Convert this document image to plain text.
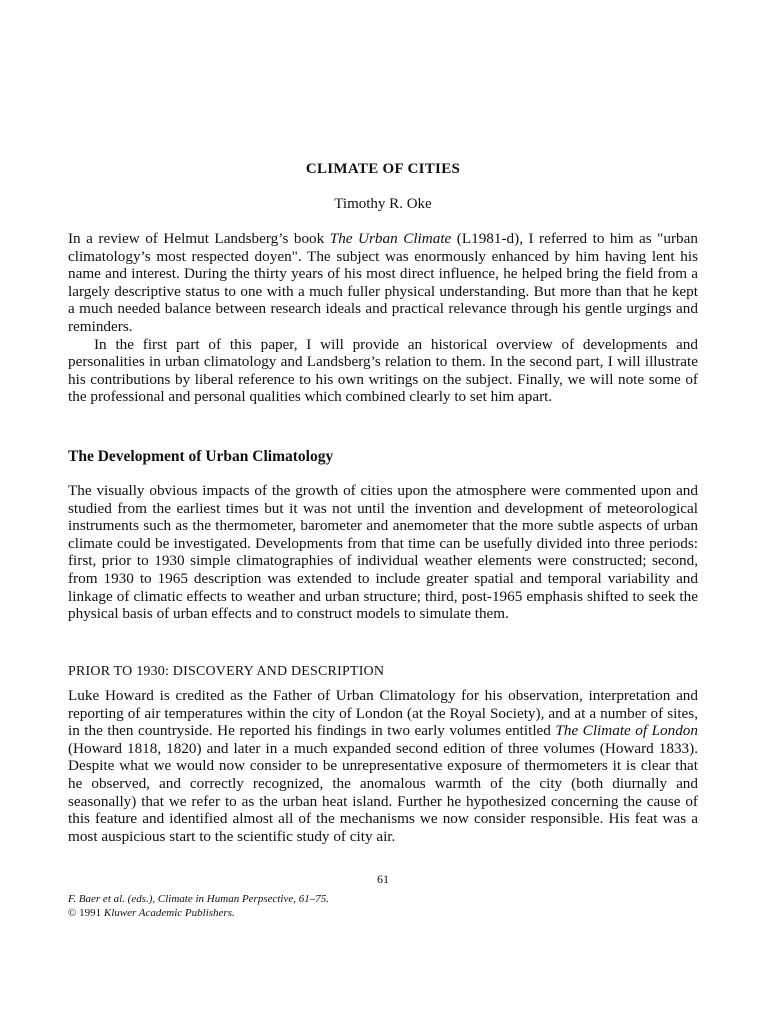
CLIMATE OF CITIES
Timothy R. Oke
In a review of Helmut Landsberg’s book The Urban Climate (L1981-d), I referred to him as "urban climatology’s most respected doyen". The subject was enormously enhanced by him having lent his name and interest. During the thirty years of his most direct influence, he helped bring the field from a largely descriptive status to one with a much fuller physical understanding. But more than that he kept a much needed balance between research ideals and practical relevance through his gentle urgings and reminders.
In the first part of this paper, I will provide an historical overview of developments and personalities in urban climatology and Landsberg’s relation to them. In the second part, I will illustrate his contributions by liberal reference to his own writings on the subject. Finally, we will note some of the professional and personal qualities which combined clearly to set him apart.
The Development of Urban Climatology
The visually obvious impacts of the growth of cities upon the atmosphere were commented upon and studied from the earliest times but it was not until the invention and development of meteorological instruments such as the thermometer, barometer and anemometer that the more subtle aspects of urban climate could be investigated. Developments from that time can be usefully divided into three periods: first, prior to 1930 simple climatographies of individual weather elements were constructed; second, from 1930 to 1965 description was extended to include greater spatial and temporal variability and linkage of climatic effects to weather and urban structure; third, post-1965 emphasis shifted to seek the physical basis of urban effects and to construct models to simulate them.
PRIOR TO 1930: DISCOVERY AND DESCRIPTION
Luke Howard is credited as the Father of Urban Climatology for his observation, interpretation and reporting of air temperatures within the city of London (at the Royal Society), and at a number of sites, in the then countryside. He reported his findings in two early volumes entitled The Climate of London (Howard 1818, 1820) and later in a much expanded second edition of three volumes (Howard 1833). Despite what we would now consider to be unrepresentative exposure of thermometers it is clear that he observed, and correctly recognized, the anomalous warmth of the city (both diurnally and seasonally) that we refer to as the urban heat island. Further he hypothesized concerning the cause of this feature and identified almost all of the mechanisms we now consider responsible. His feat was a most auspicious start to the scientific study of city air.
61
F. Baer et al. (eds.), Climate in Human Perpsective, 61–75.
© 1991 Kluwer Academic Publishers.
